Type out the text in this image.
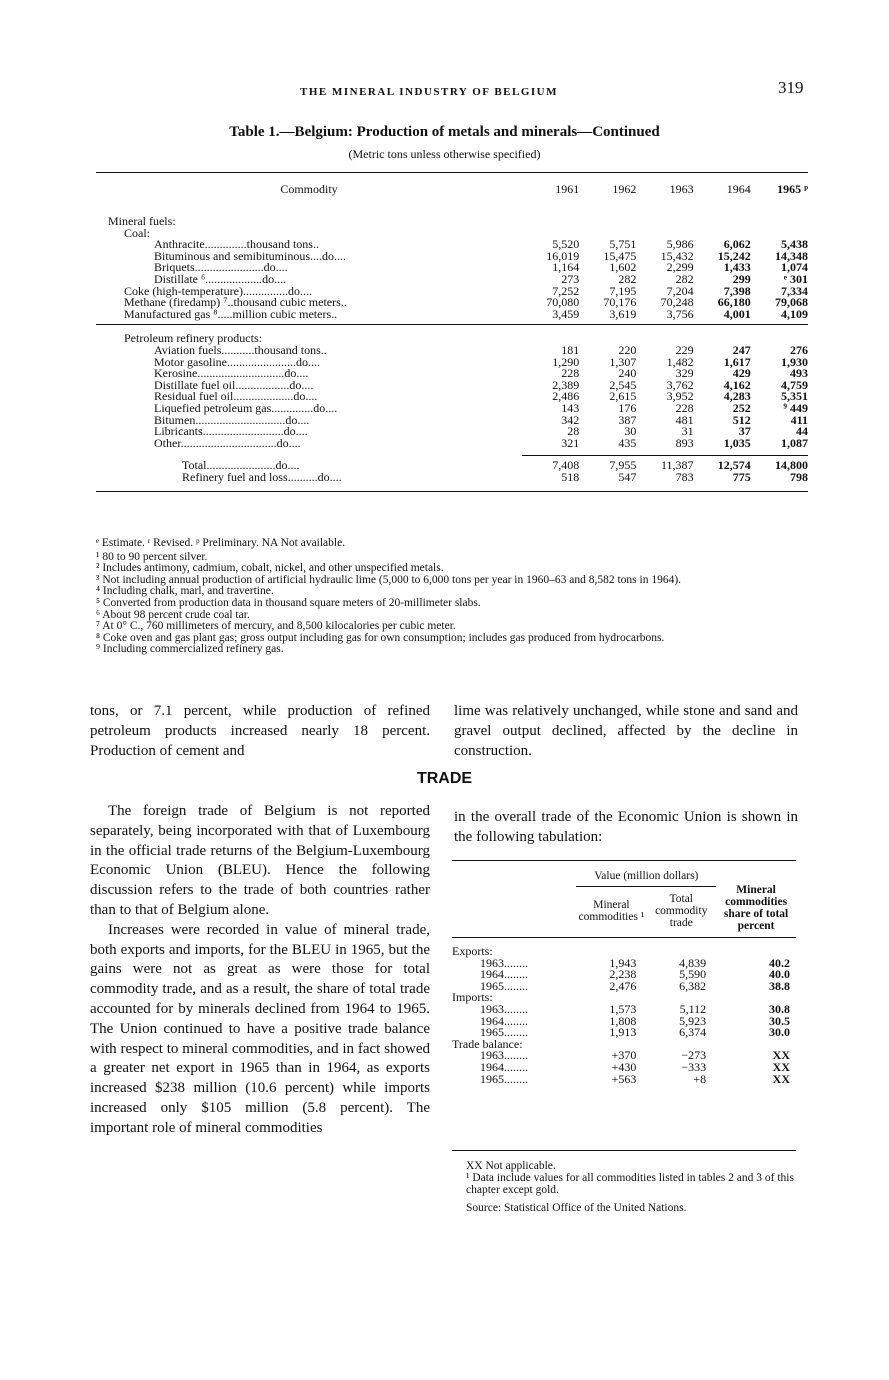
THE MINERAL INDUSTRY OF BELGIUM	319
Table 1.—Belgium: Production of metals and minerals—Continued
(Metric tons unless otherwise specified)
Commodity	1961	1962	1963	1964	1965 ᵖ
Mineral fuels:					
Coal:					
Anthracite..............thousand tons..	5,520	5,751	5,986	6,062	5,438
Bituminous and semibituminous....do....	16,019	15,475	15,432	15,242	14,348
Briquets.......................do....	1,164	1,602	2,299	1,433	1,074
Distillate ⁶...................do....	273	282	282	299	ᵉ 301
Coke (high-temperature)...............do....	7,252	7,195	7,204	7,398	7,334
Methane (firedamp) ⁷..thousand cubic meters..	70,080	70,176	70,248	66,180	79,068
Manufactured gas ⁸.....million cubic meters..	3,459	3,619	3,756	4,001	4,109

Petroleum refinery products:					
Aviation fuels...........thousand tons..	181	220	229	247	276
Motor gasoline.......................do....	1,290	1,307	1,482	1,617	1,930
Kerosine.............................do....	228	240	329	429	493
Distillate fuel oil..................do....	2,389	2,545	3,762	4,162	4,759
Residual fuel oil....................do....	2,486	2,615	3,952	4,283	5,351
Liquefied petroleum gas..............do....	143	176	228	252	⁹ 449
Bitumen..............................do....	342	387	481	512	411
Libricants...........................do....	28	30	31	37	44
Other................................do....	321	435	893	1,035	1,087
Total.......................do....	7,408	7,955	11,387	12,574	14,800
Refinery fuel and loss..........do....	518	547	783	775	798

ᵉ Estimate. ʳ Revised. ᵖ Preliminary. NA Not available.
¹ 80 to 90 percent silver.
² Includes antimony, cadmium, cobalt, nickel, and other unspecified metals.
³ Not including annual production of artificial hydraulic lime (5,000 to 6,000 tons per year in 1960–63 and 8,582 tons in 1964).
⁴ Including chalk, marl, and travertine.
⁵ Converted from production data in thousand square meters of 20-millimeter slabs.
⁶ About 98 percent crude coal tar.
⁷ At 0° C., 760 millimeters of mercury, and 8,500 kilocalories per cubic meter.
⁸ Coke oven and gas plant gas; gross output including gas for own consumption; includes gas produced from hydrocarbons.
⁹ Including commercialized refinery gas.

tons, or 7.1 percent, while production of refined petroleum products increased nearly 18 percent. Production of cement and

lime was relatively unchanged, while stone and sand and gravel output declined, affected by the decline in construction.

TRADE

The foreign trade of Belgium is not reported separately, being incorporated with that of Luxembourg in the official trade returns of the Belgium-Luxembourg Economic Union (BLEU). Hence the following discussion refers to the trade of both countries rather than to that of Belgium alone.

Increases were recorded in value of mineral trade, both exports and imports, for the BLEU in 1965, but the gains were not as great as were those for total commodity trade, and as a result, the share of total trade accounted for by minerals declined from 1964 to 1965. The Union continued to have a positive trade balance with respect to mineral commodities, and in fact showed a greater net export in 1965 than in 1964, as exports increased $238 million (10.6 percent) while imports increased only $105 million (5.8 percent). The important role of mineral commodities

in the overall trade of the Economic Union is shown in the following tabulation:

	Value (million dollars)		Mineral commodities share of total percent
	Mineral commodities ¹	Total commodity trade	

Exports:			
1963........	1,943	4,839	40.2
1964........	2,238	5,590	40.0
1965........	2,476	6,382	38.8
Imports:			
1963........	1,573	5,112	30.8
1964........	1,808	5,923	30.5
1965........	1,913	6,374	30.0
Trade balance:			
1963........	+370	−273	XX
1964........	+430	−333	XX
1965........	+563	+8	XX
XX Not applicable.
¹ Data include values for all commodities listed in tables 2 and 3 of this chapter except gold.
Source: Statistical Office of the United Nations.
